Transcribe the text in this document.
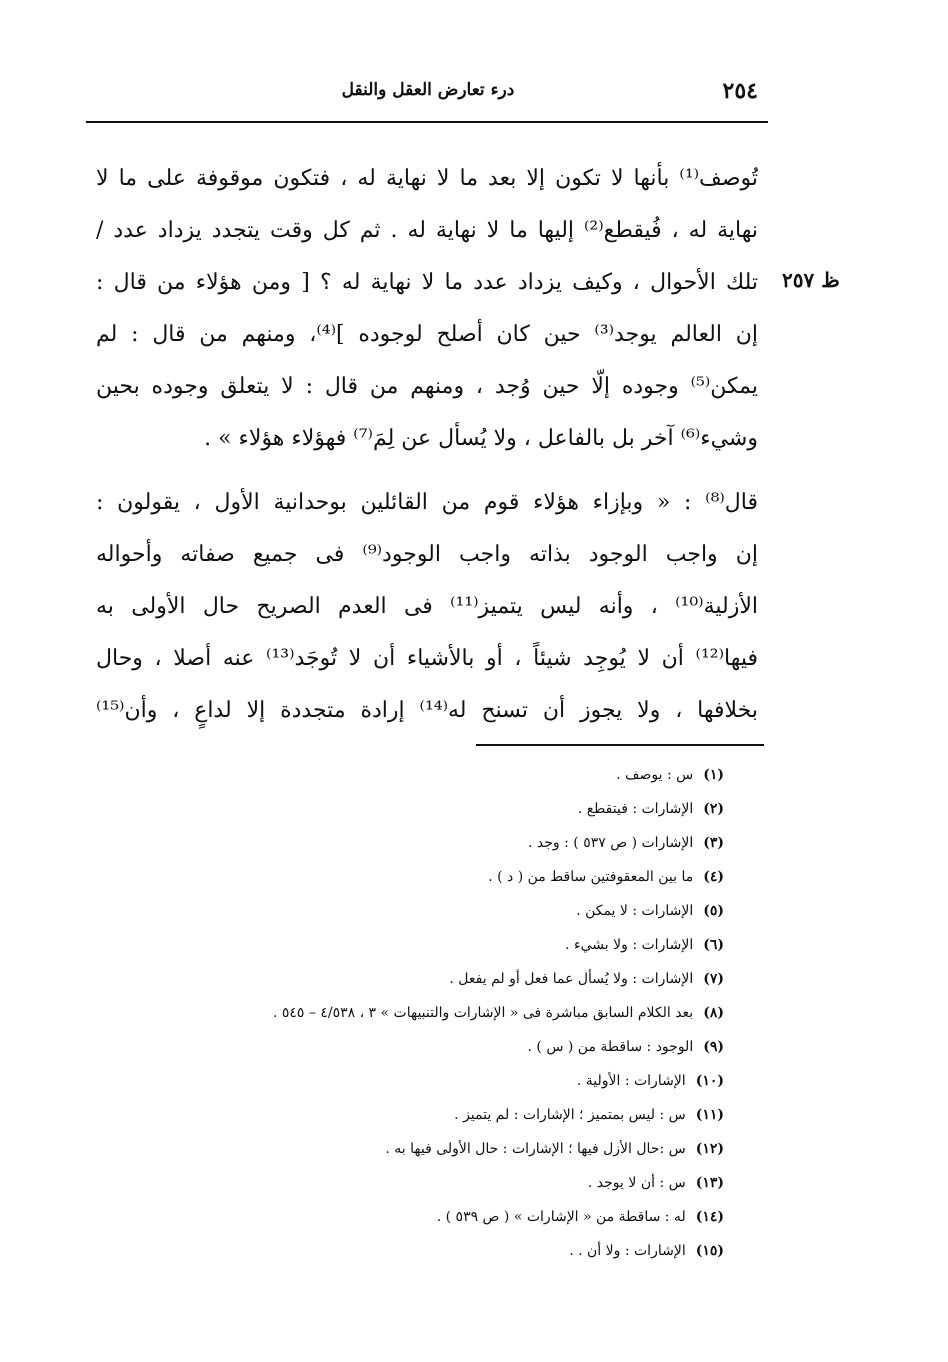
٢٥٤
درء تعارض العقل والنقل
ظ ٢٥٧
تُوصف⁽¹⁾ بأنها لا تكون إلا بعد ما لا نهاية له ، فتكون موقوفة على ما لا
نهاية له ، فُيقطع⁽²⁾ إليها ما لا نهاية له . ثم كل وقت يتجدد يزداد عدد /
تلك الأحوال ، وكيف يزداد عدد ما لا نهاية له ؟ [ ومن هؤلاء من قال :
إن العالم يوجد⁽³⁾ حين كان أصلح لوجوده ]⁽⁴⁾، ومنهم من قال : لم
يمكن⁽⁵⁾ وجوده إلّا حين وُجد ، ومنهم من قال : لا يتعلق وجوده بحين
وشيء⁽⁶⁾ آخر بل بالفاعل ، ولا يُسأل عن لِمَ⁽⁷⁾ فهؤلاء هؤلاء » .
قال⁽⁸⁾ : « وبإزاء هؤلاء قوم من القائلين بوحدانية الأول ، يقولون :
إن واجب الوجود بذاته واجب الوجود⁽⁹⁾ فى جميع صفاته وأحواله
الأزلية⁽¹⁰⁾ ، وأنه ليس يتميز⁽¹¹⁾ فى العدم الصريح حال الأولى به
فيها⁽¹²⁾ أن لا يُوجِد شيئاً ، أو بالأشياء أن لا تُوجَد⁽¹³⁾ عنه أصلا ، وحال
بخلافها ، ولا يجوز أن تسنح له⁽¹⁴⁾ إرادة متجددة إلا لداعٍ ، وأن⁽¹⁵⁾
(١)س : يوصف .
(٢)الإشارات : فيتقطع .
(٣)الإشارات ( ص ٥٣٧ ) : وجد .
(٤)ما بين المعقوفتين ساقط من ( د ) .
(٥)الإشارات : لا يمكن .
(٦)الإشارات : ولا بشيء .
(٧)الإشارات : ولا يُسأل عما فعل أو لم يفعل .
(٨)بعد الكلام السابق مباشرة فى « الإشارات والتنبيهات » ٣ ، ٤/٥٣٨ – ٥٤٥ .
(٩)الوجود : ساقطة من ( س ) .
(١٠)الإشارات : الأولية .
(١١)س : ليس بمتميز ؛ الإشارات : لم يتميز .
(١٢)س :حال الأزل فيها ؛ الإشارات : حال الأولى فيها به .
(١٣)س : أن لا يوجد .
(١٤)له : ساقطة من « الإشارات » ( ص ٥٣٩ ) .
(١٥)الإشارات : ولا أن . .
